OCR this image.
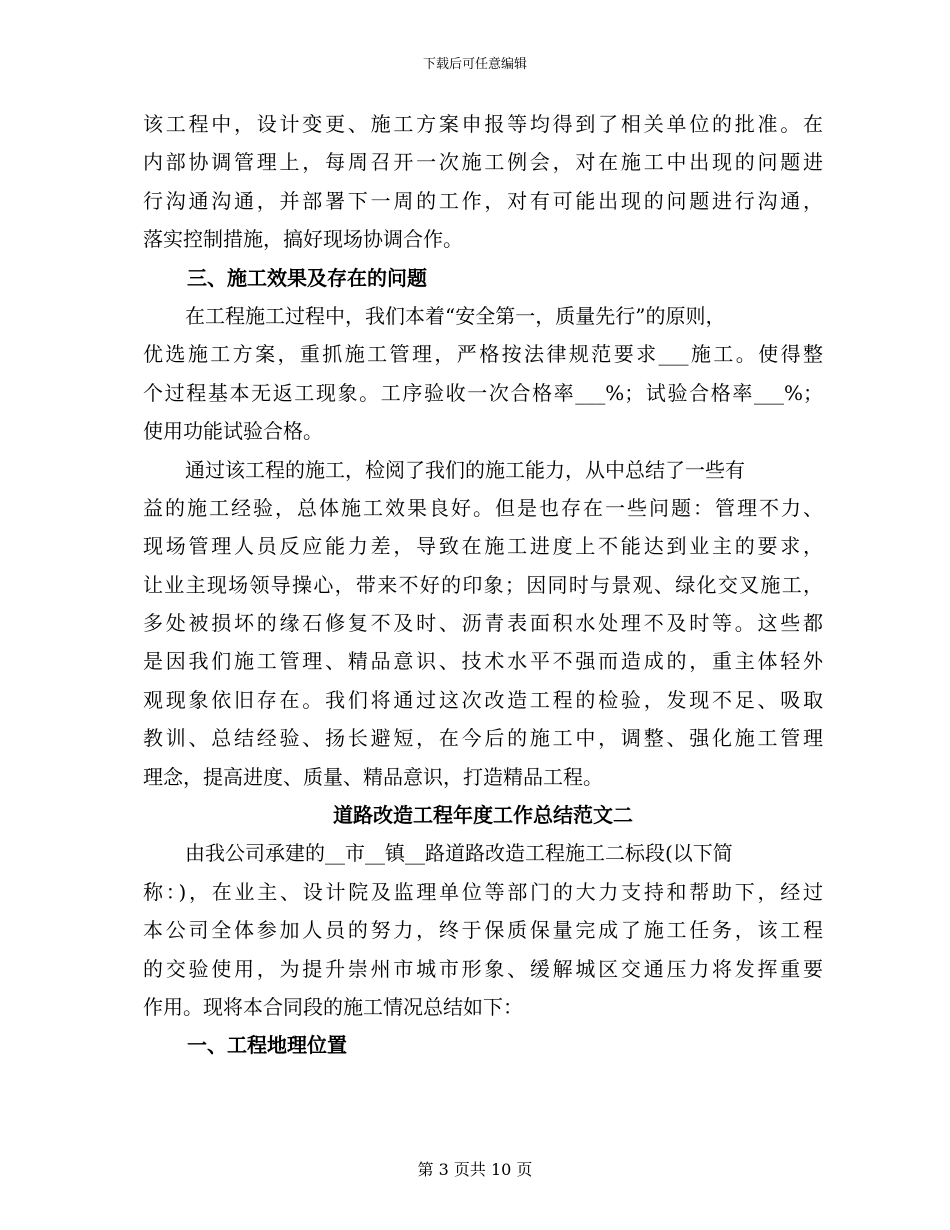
下载后可任意编辑
该工程中，设计变更、施工方案申报等均得到了相关单位的批准。在
内部协调管理上，每周召开一次施工例会，对在施工中出现的问题进
行沟通沟通，并部署下一周的工作，对有可能出现的问题进行沟通，
落实控制措施，搞好现场协调合作。
三、施工效果及存在的问题
在工程施工过程中，我们本着“安全第一，质量先行”的原则，
优选施工方案，重抓施工管理，严格按法律规范要求___施工。使得整
个过程基本无返工现象。工序验收一次合格率___%；试验合格率___%；
使用功能试验合格。
通过该工程的施工，检阅了我们的施工能力，从中总结了一些有
益的施工经验，总体施工效果良好。但是也存在一些问题：管理不力、
现场管理人员反应能力差，导致在施工进度上不能达到业主的要求，
让业主现场领导操心，带来不好的印象；因同时与景观、绿化交叉施工，
多处被损坏的缘石修复不及时、沥青表面积水处理不及时等。这些都
是因我们施工管理、精品意识、技术水平不强而造成的，重主体轻外
观现象依旧存在。我们将通过这次改造工程的检验，发现不足、吸取
教训、总结经验、扬长避短，在今后的施工中，调整、强化施工管理
理念，提高进度、质量、精品意识，打造精品工程。
道路改造工程年度工作总结范文二
由我公司承建的__市__镇__路道路改造工程施工二标段(以下简
称：)，在业主、设计院及监理单位等部门的大力支持和帮助下，经过
本公司全体参加人员的努力，终于保质保量完成了施工任务，该工程
的交验使用，为提升崇州市城市形象、缓解城区交通压力将发挥重要
作用。现将本合同段的施工情况总结如下：
一、工程地理位置
第 3 页共 10 页
